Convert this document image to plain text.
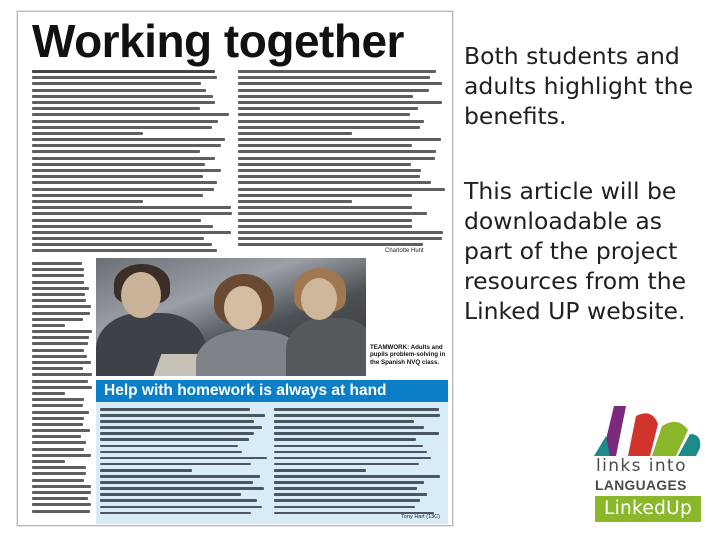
Working together
Charlotte Hunt
TEAMWORK: Adults and pupils problem-solving in the Spanish NVQ class.
Help with homework is always at hand
Tony Hart (13C)
Both students and adults highlight the benefits.
This article will be downloadable as part of the project resources from the Linked UP website.
links into
LANGUAGES
LinkedUp
